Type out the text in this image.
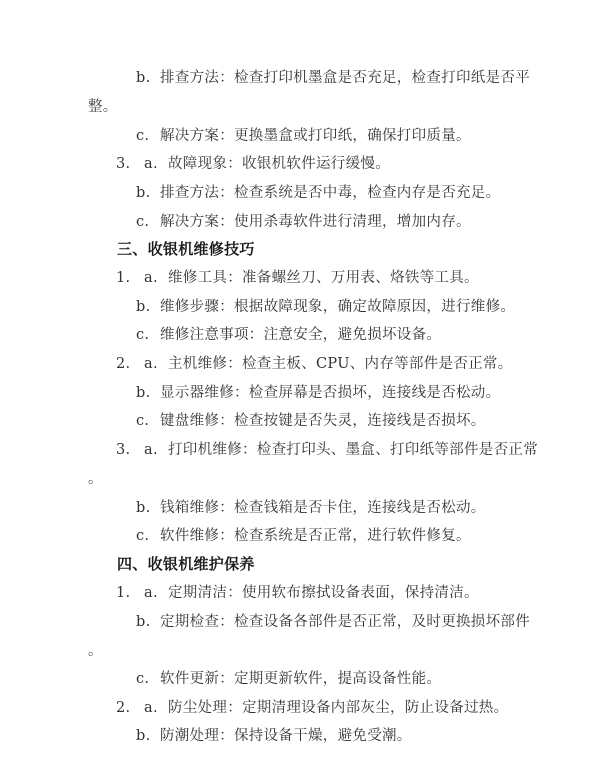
b. 排查方法：检查打印机墨盒是否充足，检查打印纸是否平
整。
c. 解决方案：更换墨盒或打印纸，确保打印质量。
3. a. 故障现象：收银机软件运行缓慢。
b. 排查方法：检查系统是否中毒，检查内存是否充足。
c. 解决方案：使用杀毒软件进行清理，增加内存。
三、收银机维修技巧
1. a. 维修工具：准备螺丝刀、万用表、烙铁等工具。
b. 维修步骤：根据故障现象，确定故障原因，进行维修。
c. 维修注意事项：注意安全，避免损坏设备。
2. a. 主机维修：检查主板、CPU、内存等部件是否正常。
b. 显示器维修：检查屏幕是否损坏，连接线是否松动。
c. 键盘维修：检查按键是否失灵，连接线是否损坏。
3. a. 打印机维修：检查打印头、墨盒、打印纸等部件是否正常
。
b. 钱箱维修：检查钱箱是否卡住，连接线是否松动。
c. 软件维修：检查系统是否正常，进行软件修复。
四、收银机维护保养
1. a. 定期清洁：使用软布擦拭设备表面，保持清洁。
b. 定期检查：检查设备各部件是否正常，及时更换损坏部件
。
c. 软件更新：定期更新软件，提高设备性能。
2. a. 防尘处理：定期清理设备内部灰尘，防止设备过热。
b. 防潮处理：保持设备干燥，避免受潮。
